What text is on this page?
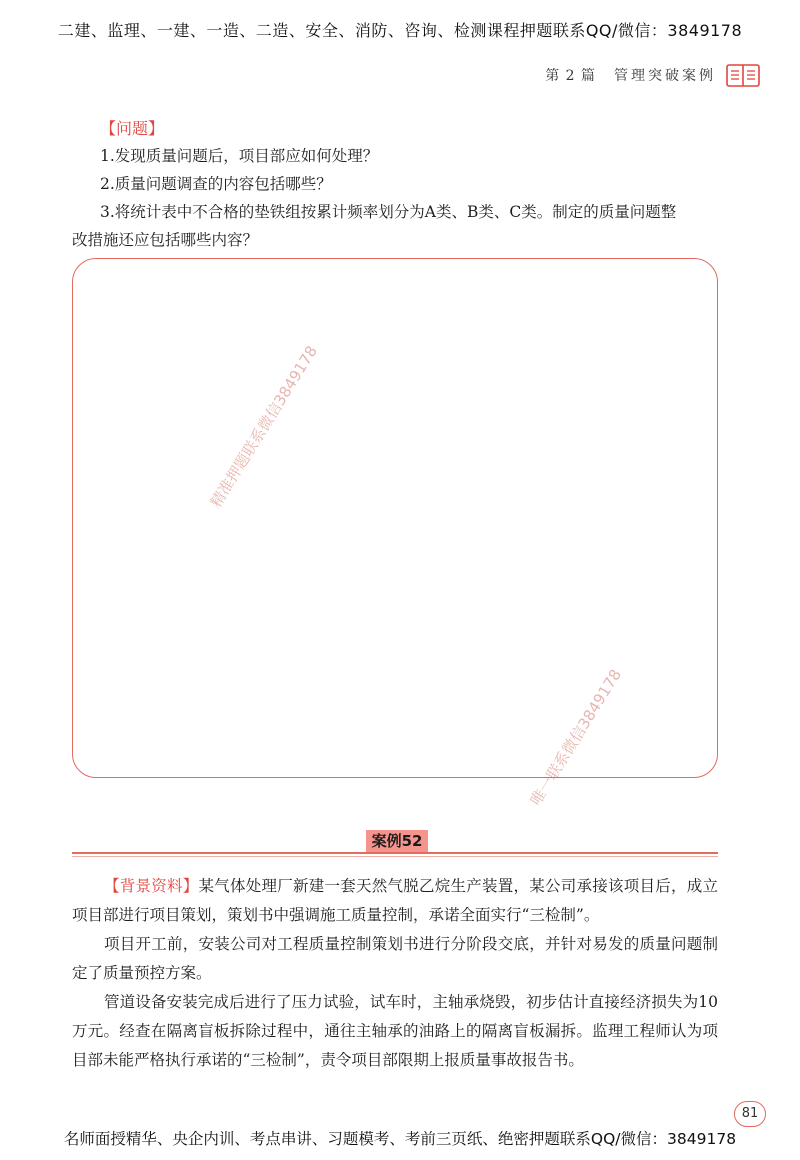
二建、监理、一建、一造、二造、安全、消防、咨询、检测课程押题联系QQ/微信：3849178
第 2 篇 管理突破案例
【问题】
1.发现质量问题后，项目部应如何处理？
2.质量问题调查的内容包括哪些？
3.将统计表中不合格的垫铁组按累计频率划分为A类、B类、C类。制定的质量问题整
改措施还应包括哪些内容？
精准押题联系微信3849178
唯一联系微信3849178
案例52
【背景资料】某气体处理厂新建一套天然气脱乙烷生产装置，某公司承接该项目后，成立项目部进行项目策划，策划书中强调施工质量控制，承诺全面实行“三检制”。
项目开工前，安装公司对工程质量控制策划书进行分阶段交底，并针对易发的质量问题制定了质量预控方案。
管道设备安装完成后进行了压力试验，试车时，主轴承烧毁，初步估计直接经济损失为10万元。经查在隔离盲板拆除过程中，通往主轴承的油路上的隔离盲板漏拆。监理工程师认为项目部未能严格执行承诺的“三检制”，责令项目部限期上报质量事故报告书。
81
名师面授精华、央企内训、考点串讲、习题模考、考前三页纸、绝密押题联系QQ/微信：3849178
